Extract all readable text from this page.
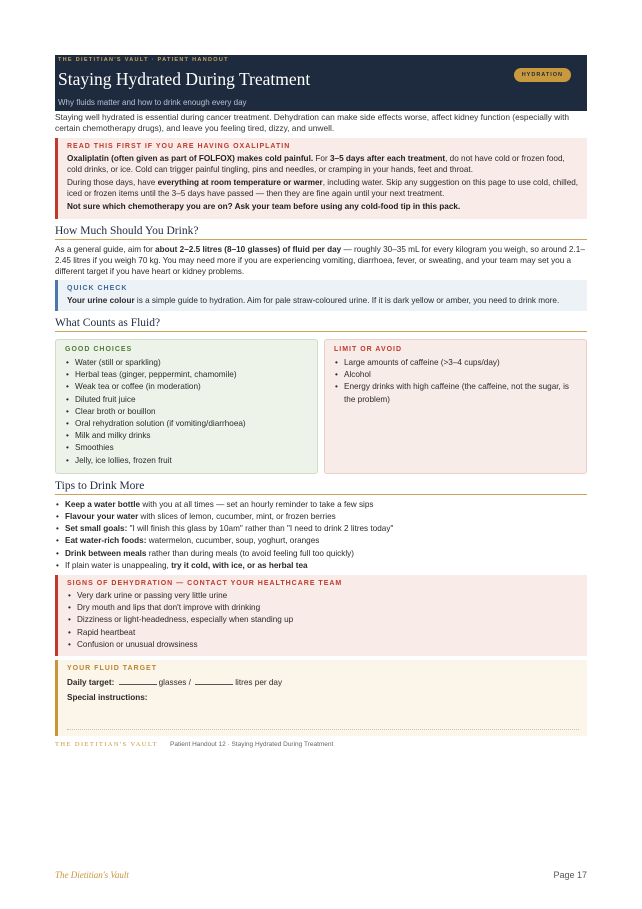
THE DIETITIAN'S VAULT · PATIENT HANDOUT
Staying Hydrated During Treatment
Why fluids matter and how to drink enough every day
HYDRATION

Staying well hydrated is essential during cancer treatment. Dehydration can make side effects worse, affect kidney function (especially with certain chemotherapy drugs), and leave you feeling tired, dizzy, and unwell.

READ THIS FIRST IF YOU ARE HAVING OXALIPLATIN

Oxaliplatin (often given as part of FOLFOX) makes cold painful. For 3–5 days after each treatment, do not have cold or frozen food, cold drinks, or ice. Cold can trigger painful tingling, pins and needles, or cramping in your hands, feet and throat.

During those days, have everything at room temperature or warmer, including water. Skip any suggestion on this page to use cold, chilled, iced or frozen items until the 3–5 days have passed — then they are fine again until your next treatment.

Not sure which chemotherapy you are on? Ask your team before using any cold-food tip in this pack.

How Much Should You Drink?

As a general guide, aim for about 2–2.5 litres (8–10 glasses) of fluid per day — roughly 30–35 mL for every kilogram you weigh, so around 2.1–2.45 litres if you weigh 70 kg. You may need more if you are experiencing vomiting, diarrhoea, fever, or sweating, and your team may set you a different target if you have heart or kidney problems.

QUICK CHECK

Your urine colour is a simple guide to hydration. Aim for pale straw-coloured urine. If it is dark yellow or amber, you need to drink more.

What Counts as Fluid?
GOOD CHOICES
• Water (still or sparkling)
• Herbal teas (ginger, peppermint, chamomile)
• Weak tea or coffee (in moderation)
• Diluted fruit juice
• Clear broth or bouillon
• Oral rehydration solution (if vomiting/diarrhoea)
• Milk and milky drinks
• Smoothies
• Jelly, ice lollies, frozen fruit
LIMIT OR AVOID
• Large amounts of caffeine (>3–4 cups/day)
• Alcohol
• Energy drinks with high caffeine (the caffeine, not the sugar, is the problem)
Tips to Drink More
• Keep a water bottle with you at all times — set an hourly reminder to take a few sips
• Flavour your water with slices of lemon, cucumber, mint, or frozen berries
• Set small goals: "I will finish this glass by 10am" rather than "I need to drink 2 litres today"
• Eat water-rich foods: watermelon, cucumber, soup, yoghurt, oranges
• Drink between meals rather than during meals (to avoid feeling full too quickly)
• If plain water is unappealing, try it cold, with ice, or as herbal tea
SIGNS OF DEHYDRATION — CONTACT YOUR HEALTHCARE TEAM
• Very dark urine or passing very little urine
• Dry mouth and lips that don't improve with drinking
• Dizziness or light-headedness, especially when standing up
• Rapid heartbeat
• Confusion or unusual drowsiness
YOUR FLUID TARGET

Daily target:	glasses /	litres per day

Special instructions:

THE DIETITIAN'S VAULT Patient Handout 12 · Staying Hydrated During Treatment
The Dietitian's Vault	Page 17
